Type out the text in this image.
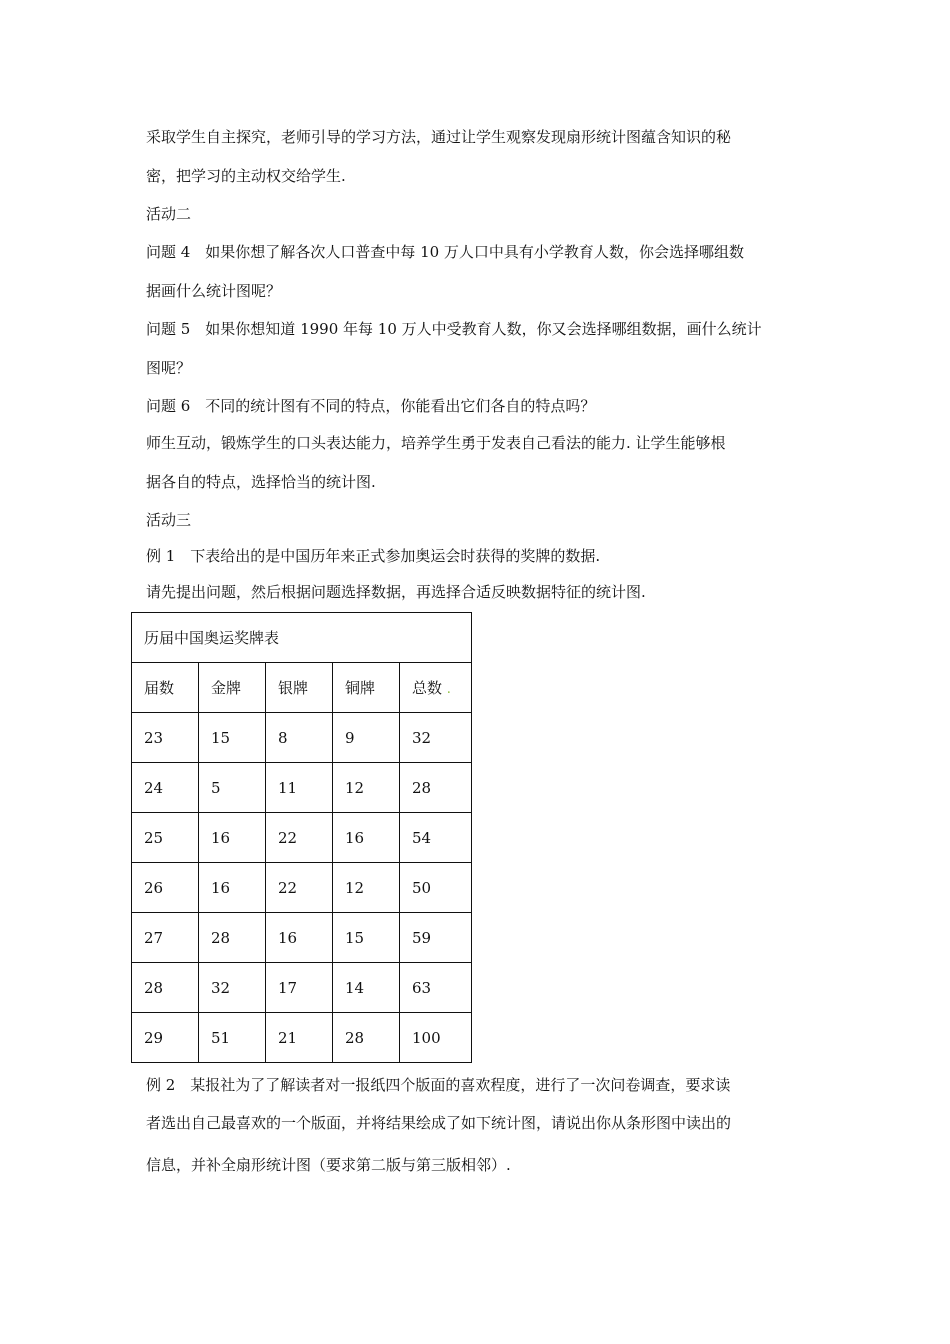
采取学生自主探究，老师引导的学习方法，通过让学生观察发现扇形统计图蕴含知识的秘
密，把学习的主动权交给学生.
活动二
问题 4　如果你想了解各次人口普查中每 10 万人口中具有小学教育人数，你会选择哪组数
据画什么统计图呢？
问题 5　如果你想知道 1990 年每 10 万人中受教育人数，你又会选择哪组数据，画什么统计
图呢？
问题 6　不同的统计图有不同的特点，你能看出它们各自的特点吗？
师生互动，锻炼学生的口头表达能力，培养学生勇于发表自己看法的能力. 让学生能够根
据各自的特点，选择恰当的统计图.
活动三
例 1　下表给出的是中国历年来正式参加奥运会时获得的奖牌的数据.
请先提出问题，然后根据问题选择数据，再选择合适反映数据特征的统计图.
历届中国奥运奖牌表				
届数	金牌	银牌	铜牌	总数 .
23	15	8	9	32
24	5	11	12	28
25	16	22	16	54
26	16	22	12	50
27	28	16	15	59
28	32	17	14	63
29	51	21	28	100
例 2　某报社为了了解读者对一报纸四个版面的喜欢程度，进行了一次问卷调查，要求读
者选出自己最喜欢的一个版面，并将结果绘成了如下统计图，请说出你从条形图中读出的
信息，并补全扇形统计图（要求第二版与第三版相邻）.
